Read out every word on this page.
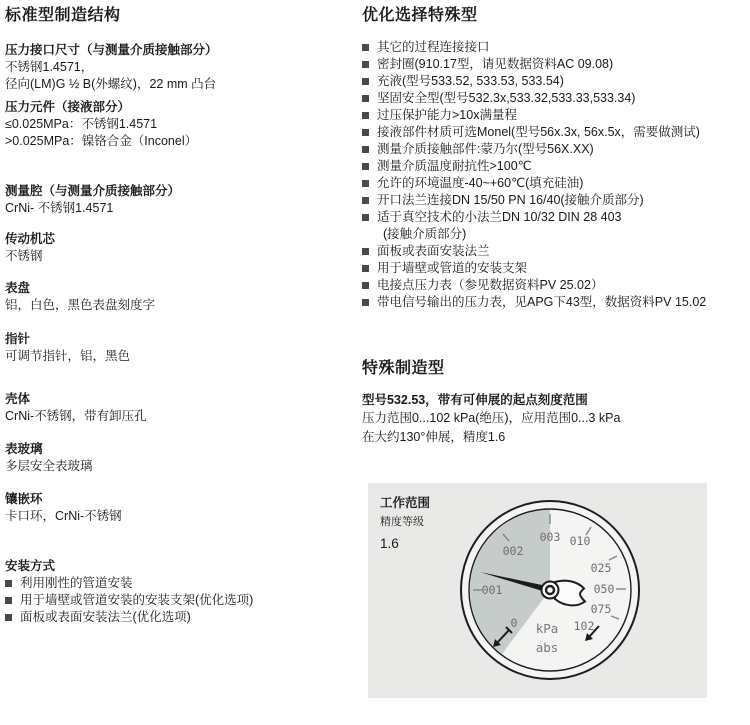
标准型制造结构
压力接口尺寸（与测量介质接触部分）
不锈钢1.4571，
径向(LM)G ½ B(外螺纹)，22 mm 凸台
压力元件（接液部分）
≤0.025MPa：不锈钢1.4571
>0.025MPa：镍铬合金（Inconel）
测量腔（与测量介质接触部分）
CrNi- 不锈钢1.4571
传动机芯
不锈钢
表盘
铝，白色，黑色表盘刻度字
指针
可调节指针，铝，黑色
壳体
CrNi-不锈钢，带有卸压孔
表玻璃
多层安全表玻璃
镶嵌环
卡口环，CrNi-不锈钢
安装方式
利用刚性的管道安装
用于墙壁或管道安装的安装支架(优化选项)
面板或表面安装法兰(优化选项)
优化选择特殊型
其它的过程连接接口
密封圈(910.17型，请见数据资料AC 09.08)
充液(型号533.52, 533.53, 533.54)
坚固安全型(型号532.3x,533.32,533.33,533.34)
过压保护能力>10x满量程
接液部件材质可选Monel(型号56x.3x, 56x.5x，需要做测试)
测量介质接触部件:蒙乃尔(型号56X.XX)
测量介质温度耐抗性>100℃
允许的环境温度-40~+60℃(填充硅油)
开口法兰连接DN 15/50 PN 16/40(接触介质部分)
适于真空技术的小法兰DN 10/32 DIN 28 403
(接触介质部分)
面板或表面安装法兰
用于墙壁或管道的安装支架
电接点压力表（参见数据资料PV 25.02）
带电信号输出的压力表，见APG下43型，数据资料PV 15.02
特殊制造型
型号532.53，带有可伸展的起点刻度范围
压力范围0...102 kPa(绝压)，应用范围0...3 kPa
在大约130°伸展，精度1.6
工作范围
精度等级
1.6	003 010
025
050
075
102
0
001
002
kPa
abs
